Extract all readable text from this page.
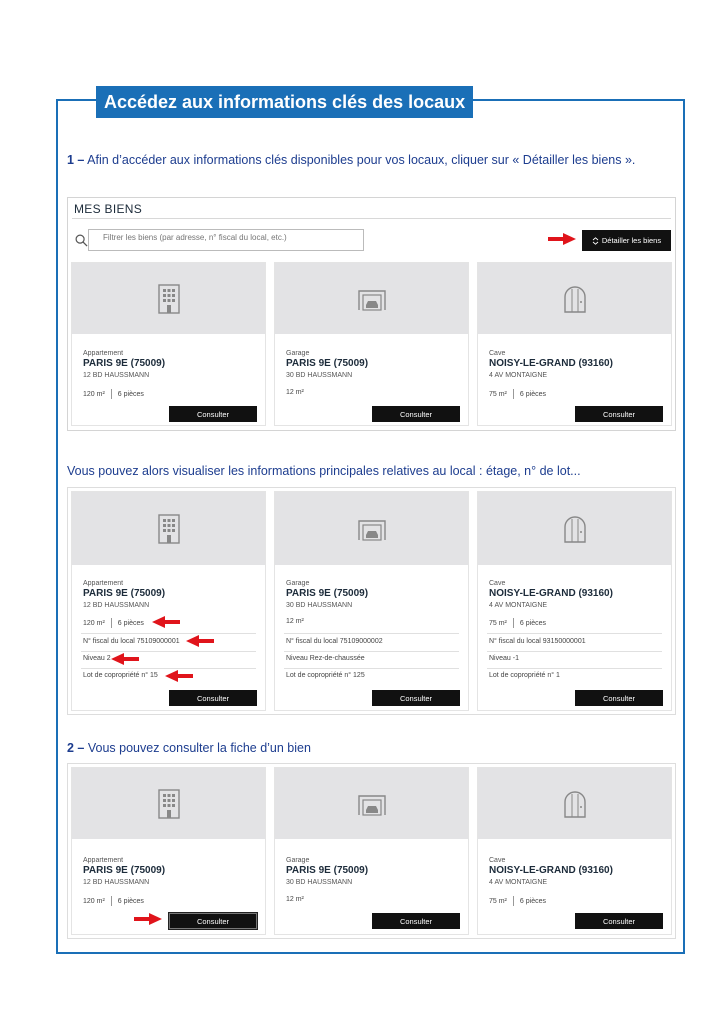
Accédez aux informations clés des locaux
1 – Afin d’accéder aux informations clés disponibles pour vos locaux, cliquer sur « Détailler les biens ».
MES BIENS
Filtrer les biens (par adresse, n° fiscal du local, etc.)
Détailler les biens
Appartement
PARIS 9E (75009)
12 BD HAUSSMANN
120 m² 6 pièces
Consulter
Garage
PARIS 9E (75009)
30 BD HAUSSMANN
12 m²
Consulter
Cave
NOISY-LE-GRAND (93160)
4 AV MONTAIGNE
75 m² 6 pièces
Consulter
Vous pouvez alors visualiser les informations principales relatives au local : étage, n° de lot...
Appartement
PARIS 9E (75009)
12 BD HAUSSMANN
120 m² 6 pièces
N° fiscal du local 75109000001
Niveau 2
Lot de copropriété n° 15
Consulter
Garage
PARIS 9E (75009)
30 BD HAUSSMANN
12 m²
N° fiscal du local 75109000002
Niveau Rez-de-chaussée
Lot de copropriété n° 125
Consulter
Cave
NOISY-LE-GRAND (93160)
4 AV MONTAIGNE
75 m² 6 pièces
N° fiscal du local 93150000001
Niveau -1
Lot de copropriété n° 1
Consulter
2 – Vous pouvez consulter la fiche d’un bien
Appartement
PARIS 9E (75009)
12 BD HAUSSMANN
120 m² 6 pièces
Consulter
Garage
PARIS 9E (75009)
30 BD HAUSSMANN
12 m²
Consulter
Cave
NOISY-LE-GRAND (93160)
4 AV MONTAIGNE
75 m² 6 pièces
Consulter
